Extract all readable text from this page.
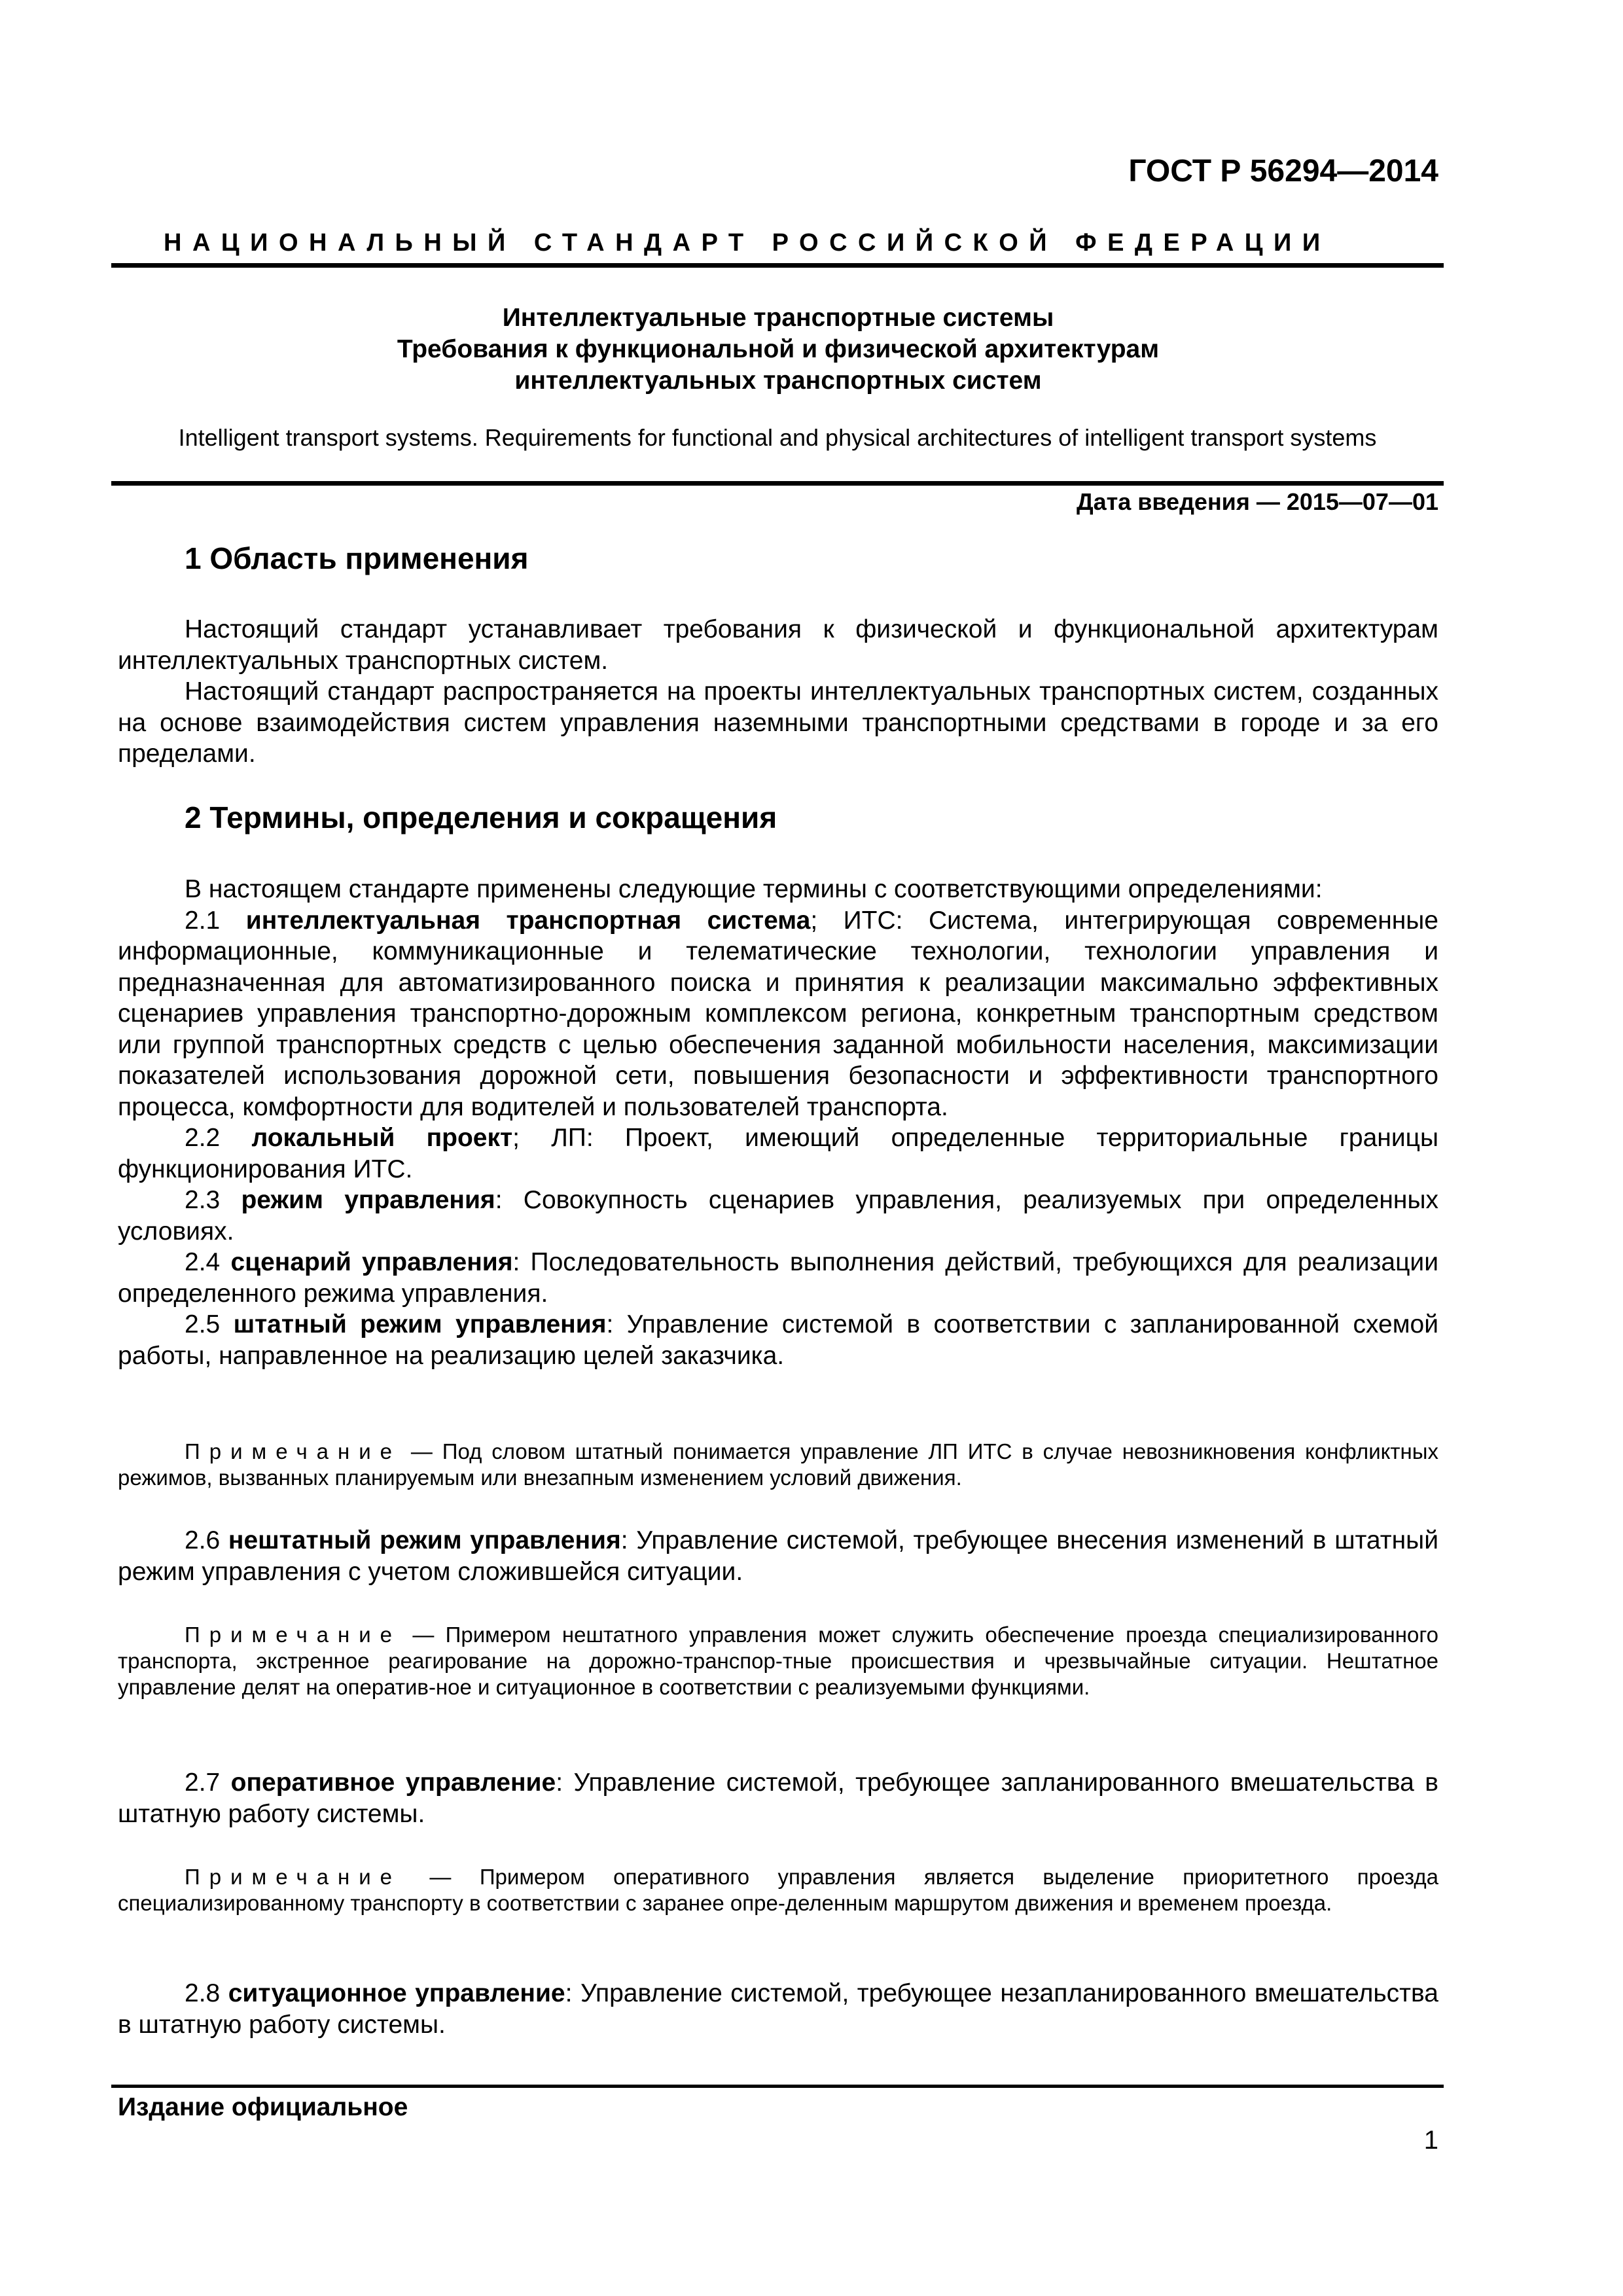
ГОСТ Р 56294—2014
НАЦИОНАЛЬНЫЙ СТАНДАРТ РОССИЙСКОЙ ФЕДЕРАЦИИ
Интеллектуальные транспортные системы
Требования к функциональной и физической архитектурам
интеллектуальных транспортных систем
Intelligent transport systems. Requirements for functional and physical architectures of intelligent transport systems
Дата введения — 2015—07—01
1 Область применения

Настоящий стандарт устанавливает требования к физической и функциональной архитектурам интеллектуальных транспортных систем.

Настоящий стандарт распространяется на проекты интеллектуальных транспортных систем, созданных на основе взаимодействия систем управления наземными транспортными средствами в городе и за его пределами.

2 Термины, определения и сокращения

В настоящем стандарте применены следующие термины с соответствующими определениями:

2.1 интеллектуальная транспортная система; ИТС: Система, интегрирующая современные информационные, коммуникационные и телематические технологии, технологии управления и предназначенная для автоматизированного поиска и принятия к реализации максимально эффективных сценариев управления транспортно-дорожным комплексом региона, конкретным транспортным средством или группой транспортных средств с целью обеспечения заданной мобильности населения, максимизации показателей использования дорожной сети, повышения безопасности и эффективности транспортного процесса, комфортности для водителей и пользователей транспорта.

2.2 локальный проект; ЛП: Проект, имеющий определенные территориальные границы функционирования ИТС.

2.3 режим управления: Совокупность сценариев управления, реализуемых при определенных условиях.

2.4 сценарий управления: Последовательность выполнения действий, требующихся для реализации определенного режима управления.

2.5 штатный режим управления: Управление системой в соответствии с запланированной схемой работы, направленное на реализацию целей заказчика.

Примечание — Под словом штатный понимается управление ЛП ИТС в случае невозникновения конфликтных режимов, вызванных планируемым или внезапным изменением условий движения.

2.6 нештатный режим управления: Управление системой, требующее внесения изменений в штатный режим управления с учетом сложившейся ситуации.

Примечание — Примером нештатного управления может служить обеспечение проезда специализированного транспорта, экстренное реагирование на дорожно-транспор-тные происшествия и чрезвычайные ситуации. Нештатное управление делят на оператив-ное и ситуационное в соответствии с реализуемыми функциями.

2.7 оперативное управление: Управление системой, требующее запланированного вмешательства в штатную работу системы.

Примечание — Примером оперативного управления является выделение приоритетного проезда специализированному транспорту в соответствии с заранее опре-деленным маршрутом движения и временем проезда.

2.8 ситуационное управление: Управление системой, требующее незапланированного вмешательства в штатную работу системы.

Издание официальное
1
